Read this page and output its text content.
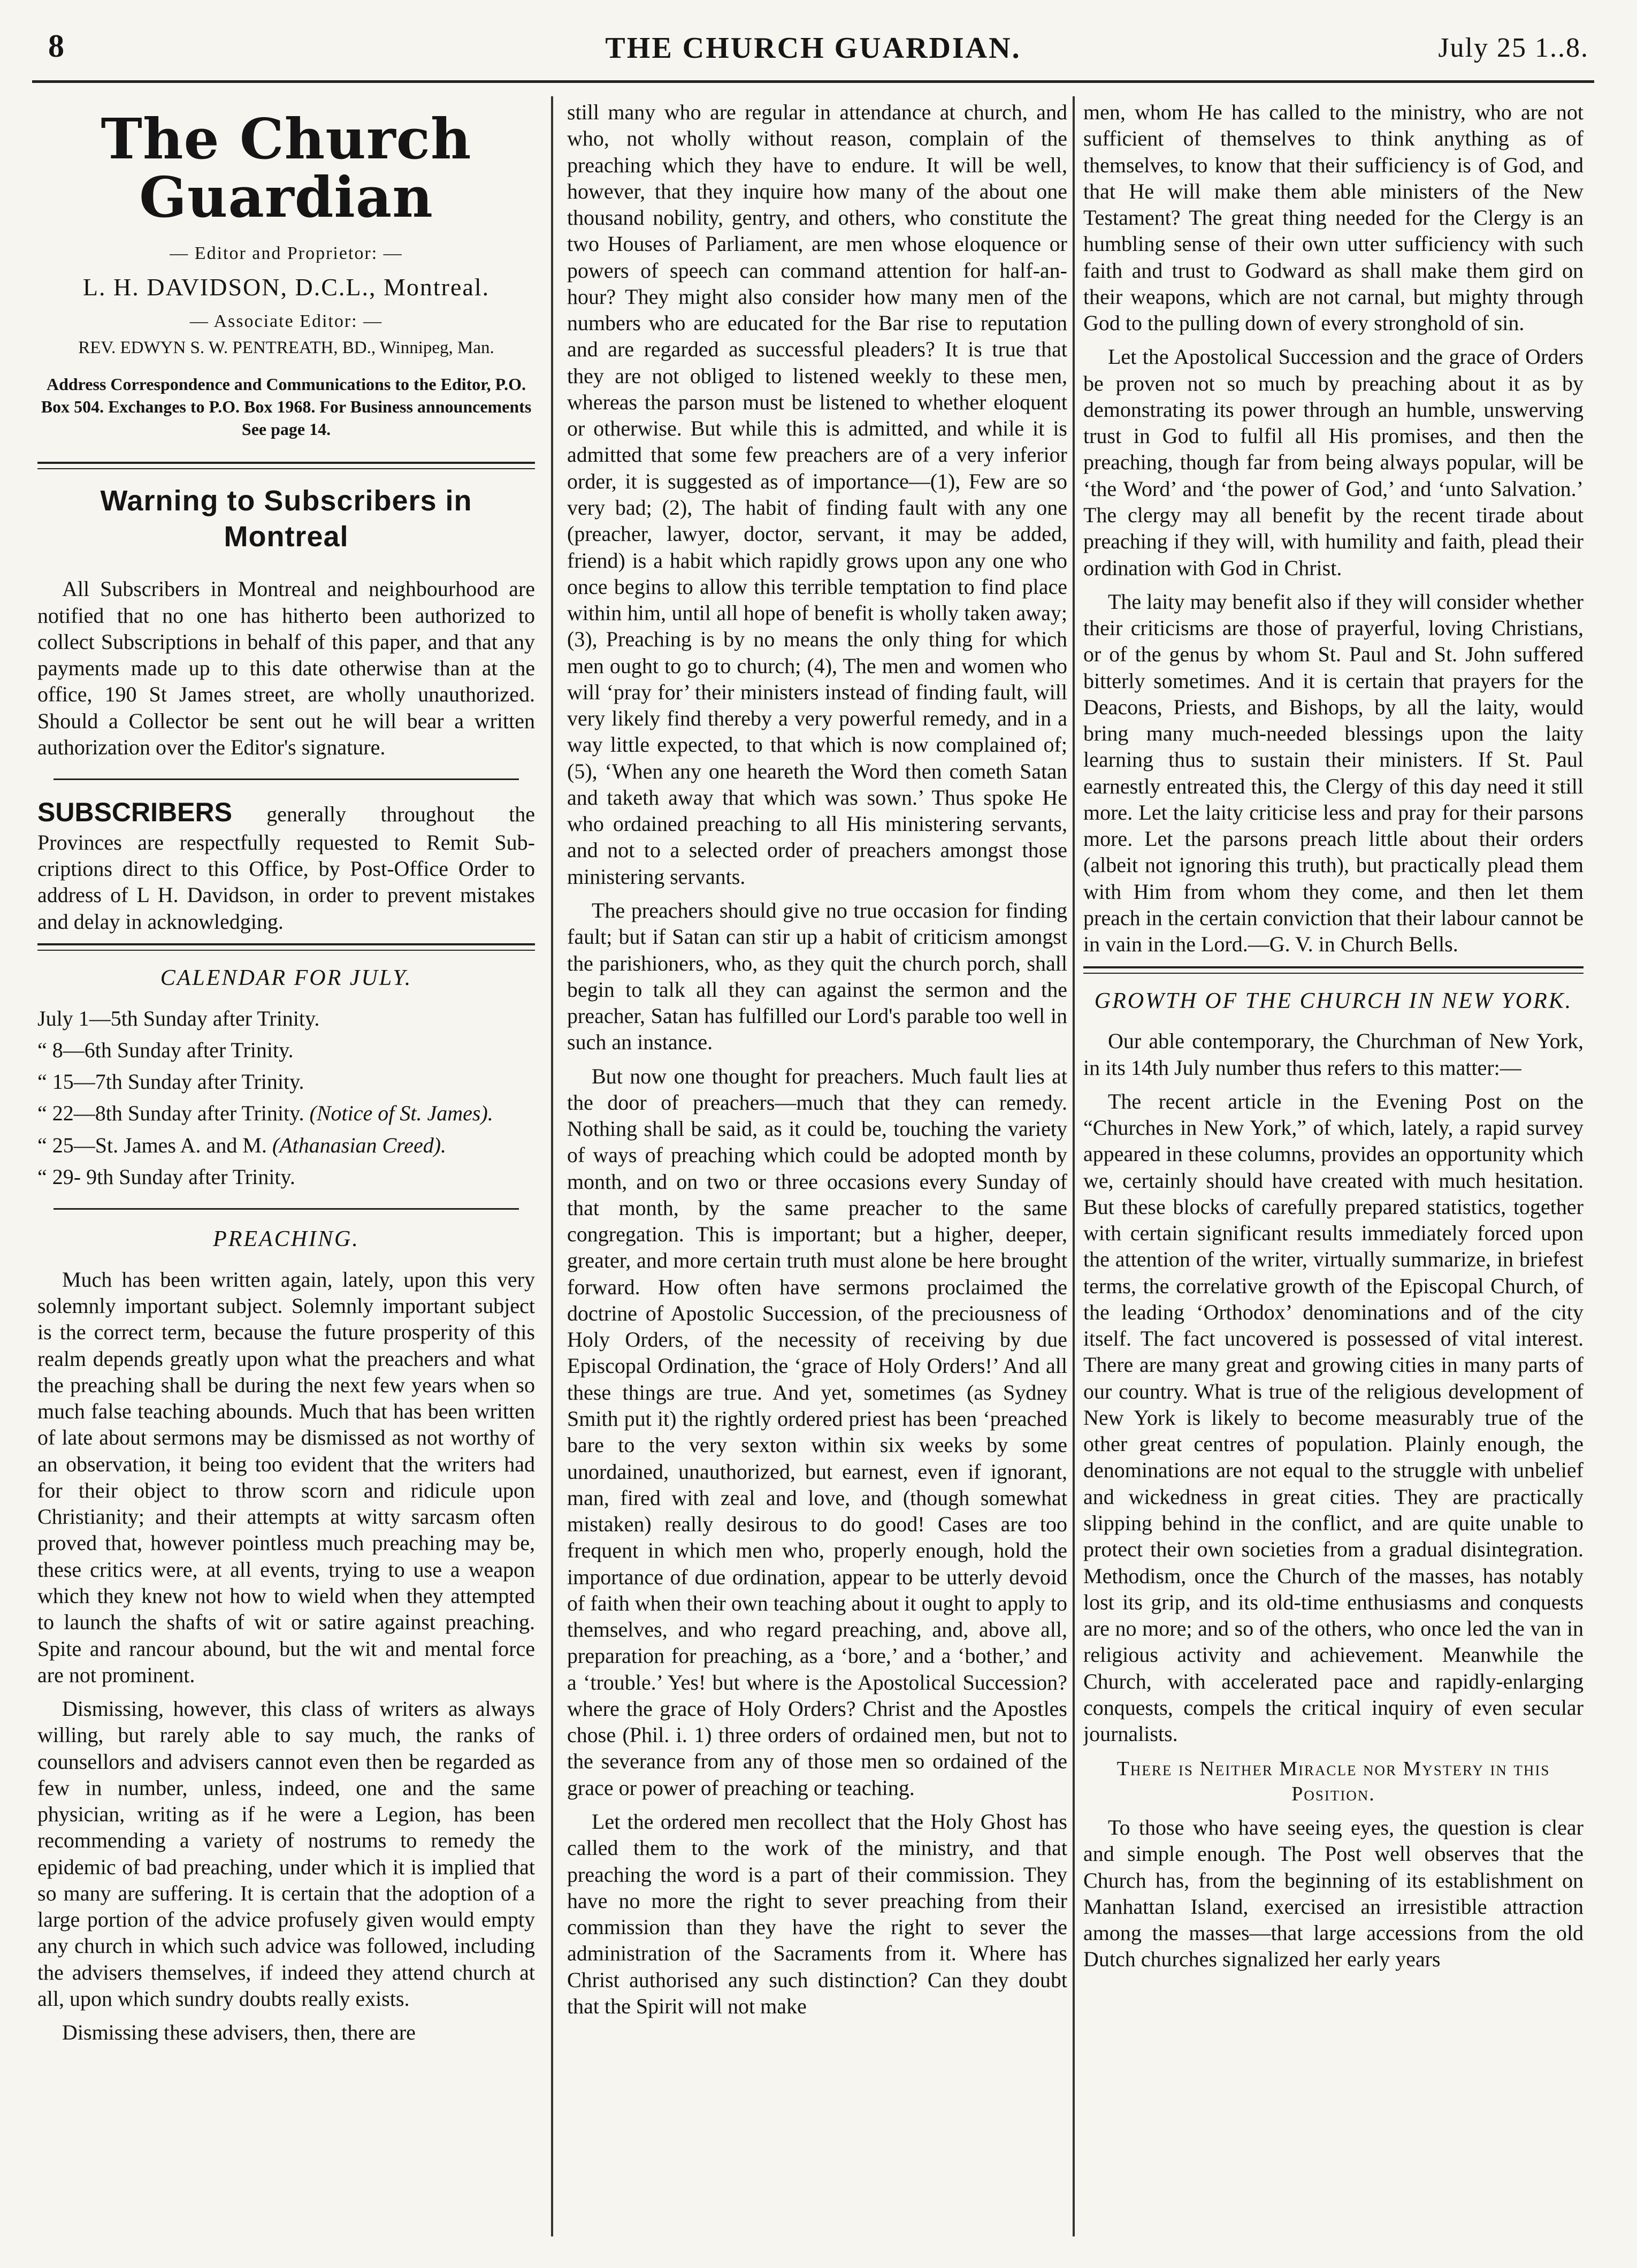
8	THE CHURCH GUARDIAN.	July 25 1..8.
The Church Guardian
— Editor and Proprietor: —
L. H. DAVIDSON, D.C.L., Montreal.
— Associate Editor: —
REV. EDWYN S. W. PENTREATH, BD., Winnipeg, Man.
Address Correspondence and Communications to the Editor, P.O. Box 504. Exchanges to P.O. Box 1968. For Business announcements See page 14.
Warning to Subscribers in Montreal

All Subscribers in Montreal and neighbourhood are notified that no one has hitherto been authorized to collect Subscriptions in behalf of this paper, and that any payments made up to this date otherwise than at the office, 190 St James street, are wholly unauthorized. Should a Collector be sent out he will bear a written authorization over the Editor's signature.

SUBSCRIBERS generally throughout the Provinces are respectfully requested to Remit Sub-criptions direct to this Office, by Post-Office Order to address of L H. Davidson, in order to prevent mistakes and delay in acknowledging.

CALENDAR FOR JULY.
July 1—5th Sunday after Trinity.
“ 8—6th Sunday after Trinity.
“ 15—7th Sunday after Trinity.
“ 22—8th Sunday after Trinity. (Notice of St. James).
“ 25—St. James A. and M. (Athanasian Creed).
“ 29- 9th Sunday after Trinity.
PREACHING.

Much has been written again, lately, upon this very solemnly important subject. Solemnly important subject is the correct term, because the future prosperity of this realm depends greatly upon what the preachers and what the preaching shall be during the next few years when so much false teaching abounds. Much that has been written of late about sermons may be dismissed as not worthy of an observation, it being too evident that the writers had for their object to throw scorn and ridicule upon Christianity; and their attempts at witty sarcasm often proved that, however pointless much preaching may be, these critics were, at all events, trying to use a weapon which they knew not how to wield when they attempted to launch the shafts of wit or satire against preaching. Spite and rancour abound, but the wit and mental force are not prominent.

Dismissing, however, this class of writers as always willing, but rarely able to say much, the ranks of counsellors and advisers cannot even then be regarded as few in number, unless, indeed, one and the same physician, writing as if he were a Legion, has been recommending a variety of nostrums to remedy the epidemic of bad preaching, under which it is implied that so many are suffering. It is certain that the adoption of a large portion of the advice profusely given would empty any church in which such advice was followed, including the advisers themselves, if indeed they attend church at all, upon which sundry doubts really exists.

Dismissing these advisers, then, there are

still many who are regular in attendance at church, and who, not wholly without reason, complain of the preaching which they have to endure. It will be well, however, that they inquire how many of the about one thousand nobility, gentry, and others, who constitute the two Houses of Parliament, are men whose eloquence or powers of speech can command attention for half-an-hour? They might also consider how many men of the numbers who are educated for the Bar rise to reputation and are regarded as successful pleaders? It is true that they are not obliged to listened weekly to these men, whereas the parson must be listened to whether eloquent or otherwise. But while this is admitted, and while it is admitted that some few preachers are of a very inferior order, it is suggested as of importance—(1), Few are so very bad; (2), The habit of finding fault with any one (preacher, lawyer, doctor, servant, it may be added, friend) is a habit which rapidly grows upon any one who once begins to allow this terrible temptation to find place within him, until all hope of benefit is wholly taken away; (3), Preaching is by no means the only thing for which men ought to go to church; (4), The men and women who will ‘pray for’ their ministers instead of finding fault, will very likely find thereby a very powerful remedy, and in a way little expected, to that which is now complained of; (5), ‘When any one heareth the Word then cometh Satan and taketh away that which was sown.’ Thus spoke He who ordained preaching to all His ministering servants, and not to a selected order of preachers amongst those ministering servants.

The preachers should give no true occasion for finding fault; but if Satan can stir up a habit of criticism amongst the parishioners, who, as they quit the church porch, shall begin to talk all they can against the sermon and the preacher, Satan has fulfilled our Lord's parable too well in such an instance.

But now one thought for preachers. Much fault lies at the door of preachers—much that they can remedy. Nothing shall be said, as it could be, touching the variety of ways of preaching which could be adopted month by month, and on two or three occasions every Sunday of that month, by the same preacher to the same congregation. This is important; but a higher, deeper, greater, and more certain truth must alone be here brought forward. How often have sermons proclaimed the doctrine of Apostolic Succession, of the preciousness of Holy Orders, of the necessity of receiving by due Episcopal Ordination, the ‘grace of Holy Orders!’ And all these things are true. And yet, sometimes (as Sydney Smith put it) the rightly ordered priest has been ‘preached bare to the very sexton within six weeks by some unordained, unauthorized, but earnest, even if ignorant, man, fired with zeal and love, and (though somewhat mistaken) really desirous to do good! Cases are too frequent in which men who, properly enough, hold the importance of due ordination, appear to be utterly devoid of faith when their own teaching about it ought to apply to themselves, and who regard preaching, and, above all, preparation for preaching, as a ‘bore,’ and a ‘bother,’ and a ‘trouble.’ Yes! but where is the Apostolical Succession? where the grace of Holy Orders? Christ and the Apostles chose (Phil. i. 1) three orders of ordained men, but not to the severance from any of those men so ordained of the grace or power of preaching or teaching.

Let the ordered men recollect that the Holy Ghost has called them to the work of the ministry, and that preaching the word is a part of their commission. They have no more the right to sever preaching from their commission than they have the right to sever the administration of the Sacraments from it. Where has Christ authorised any such distinction? Can they doubt that the Spirit will not make

men, whom He has called to the ministry, who are not sufficient of themselves to think anything as of themselves, to know that their sufficiency is of God, and that He will make them able ministers of the New Testament? The great thing needed for the Clergy is an humbling sense of their own utter sufficiency with such faith and trust to Godward as shall make them gird on their weapons, which are not carnal, but mighty through God to the pulling down of every stronghold of sin.

Let the Apostolical Succession and the grace of Orders be proven not so much by preaching about it as by demonstrating its power through an humble, unswerving trust in God to fulfil all His promises, and then the preaching, though far from being always popular, will be ‘the Word’ and ‘the power of God,’ and ‘unto Salvation.’ The clergy may all benefit by the recent tirade about preaching if they will, with humility and faith, plead their ordination with God in Christ.

The laity may benefit also if they will consider whether their criticisms are those of prayerful, loving Christians, or of the genus by whom St. Paul and St. John suffered bitterly sometimes. And it is certain that prayers for the Deacons, Priests, and Bishops, by all the laity, would bring many much-needed blessings upon the laity learning thus to sustain their ministers. If St. Paul earnestly entreated this, the Clergy of this day need it still more. Let the laity criticise less and pray for their parsons more. Let the parsons preach little about their orders (albeit not ignoring this truth), but practically plead them with Him from whom they come, and then let them preach in the certain conviction that their labour cannot be in vain in the Lord.—G. V. in Church Bells.

GROWTH OF THE CHURCH IN NEW YORK.

Our able contemporary, the Churchman of New York, in its 14th July number thus refers to this matter:—

The recent article in the Evening Post on the “Churches in New York,” of which, lately, a rapid survey appeared in these columns, provides an opportunity which we, certainly should have created with much hesitation. But these blocks of carefully prepared statistics, together with certain significant results immediately forced upon the attention of the writer, virtually summarize, in briefest terms, the correlative growth of the Episcopal Church, of the leading ‘Orthodox’ denominations and of the city itself. The fact uncovered is possessed of vital interest. There are many great and growing cities in many parts of our country. What is true of the religious development of New York is likely to become measurably true of the other great centres of population. Plainly enough, the denominations are not equal to the struggle with unbelief and wickedness in great cities. They are practically slipping behind in the conflict, and are quite unable to protect their own societies from a gradual disintegration. Methodism, once the Church of the masses, has notably lost its grip, and its old-time enthusiasms and conquests are no more; and so of the others, who once led the van in religious activity and achievement. Meanwhile the Church, with accelerated pace and rapidly-enlarging conquests, compels the critical inquiry of even secular journalists.

There is Neither Miracle nor Mystery in this Position.

To those who have seeing eyes, the question is clear and simple enough. The Post well observes that the Church has, from the beginning of its establishment on Manhattan Island, exercised an irresistible attraction among the masses—that large accessions from the old Dutch churches signalized her early years
